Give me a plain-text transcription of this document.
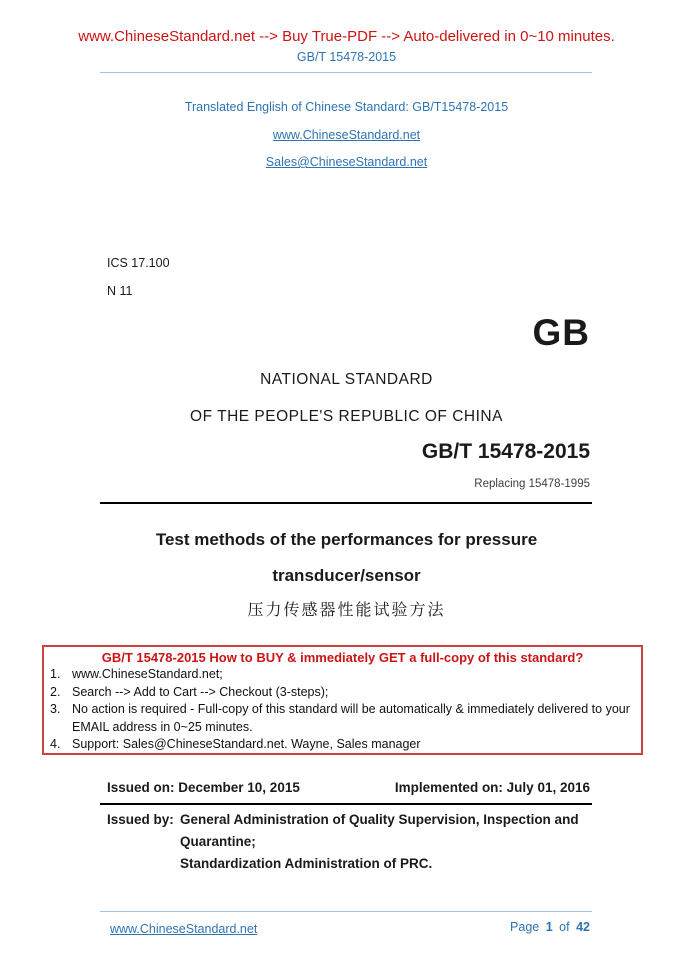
www.ChineseStandard.net --> Buy True-PDF --> Auto-delivered in 0~10 minutes.
GB/T 15478-2015
Translated English of Chinese Standard: GB/T15478-2015
www.ChineseStandard.net
Sales@ChineseStandard.net
ICS 17.100
N 11
GB
NATIONAL STANDARD
OF THE PEOPLE'S REPUBLIC OF CHINA
GB/T 15478-2015
Replacing 15478-1995
Test methods of the performances for pressure
transducer/sensor
压力传感器性能试验方法
GB/T 15478-2015 How to BUY & immediately GET a full-copy of this standard?
1. www.ChineseStandard.net;
2. Search --> Add to Cart --> Checkout (3-steps);
3. No action is required - Full-copy of this standard will be automatically & immediately delivered to your EMAIL address in 0~25 minutes.
4. Support: Sales@ChineseStandard.net. Wayne, Sales manager
Issued on: December 10, 2015	Implemented on: July 01, 2016
Issued by: General Administration of Quality Supervision, Inspection and
Quarantine;
Standardization Administration of PRC.
www.ChineseStandard.net	Page 1 of 42
